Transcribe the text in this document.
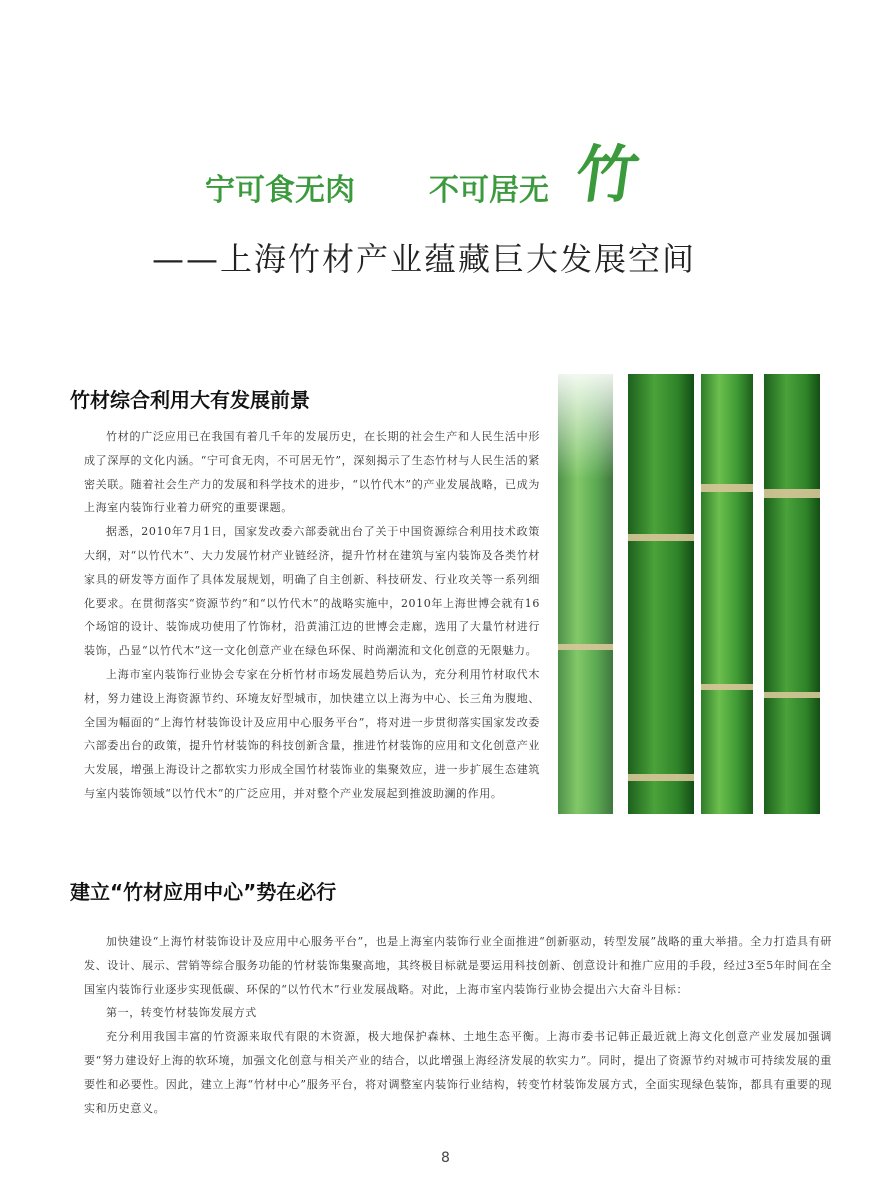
宁可食无肉 不可居无 竹
——上海竹材产业蕴藏巨大发展空间
竹材综合利用大有发展前景

竹材的广泛应用已在我国有着几千年的发展历史，在长期的社会生产和人民生活中形成了深厚的文化内涵。“宁可食无肉，不可居无竹”，深刻揭示了生态竹材与人民生活的紧密关联。随着社会生产力的发展和科学技术的进步，“以竹代木”的产业发展战略，已成为上海室内装饰行业着力研究的重要课题。

据悉，2010年7月1日，国家发改委六部委就出台了关于中国资源综合利用技术政策大纲，对“以竹代木”、大力发展竹材产业链经济，提升竹材在建筑与室内装饰及各类竹材家具的研发等方面作了具体发展规划，明确了自主创新、科技研发、行业攻关等一系列细化要求。在贯彻落实“资源节约”和“以竹代木”的战略实施中，2010年上海世博会就有16个场馆的设计、装饰成功使用了竹饰材，沿黄浦江边的世博会走廊，选用了大量竹材进行装饰，凸显“以竹代木”这一文化创意产业在绿色环保、时尚潮流和文化创意的无限魅力。

上海市室内装饰行业协会专家在分析竹材市场发展趋势后认为，充分利用竹材取代木材，努力建设上海资源节约、环境友好型城市，加快建立以上海为中心、长三角为腹地、全国为幅面的“上海竹材装饰设计及应用中心服务平台”，将对进一步贯彻落实国家发改委六部委出台的政策，提升竹材装饰的科技创新含量，推进竹材装饰的应用和文化创意产业大发展，增强上海设计之都软实力形成全国竹材装饰业的集聚效应，进一步扩展生态建筑与室内装饰领域“以竹代木”的广泛应用，并对整个产业发展起到推波助澜的作用。

建立“竹材应用中心”势在必行

加快建设“上海竹材装饰设计及应用中心服务平台”，也是上海室内装饰行业全面推进“创新驱动，转型发展”战略的重大举措。全力打造具有研发、设计、展示、营销等综合服务功能的竹材装饰集聚高地，其终极目标就是要运用科技创新、创意设计和推广应用的手段，经过3至5年时间在全国室内装饰行业逐步实现低碳、环保的“以竹代木”行业发展战略。对此，上海市室内装饰行业协会提出六大奋斗目标：

第一，转变竹材装饰发展方式

充分利用我国丰富的竹资源来取代有限的木资源，极大地保护森林、土地生态平衡。上海市委书记韩正最近就上海文化创意产业发展加强调要“努力建设好上海的软环境，加强文化创意与相关产业的结合，以此增强上海经济发展的软实力”。同时，提出了资源节约对城市可持续发展的重要性和必要性。因此，建立上海“竹材中心”服务平台，将对调整室内装饰行业结构，转变竹材装饰发展方式，全面实现绿色装饰，都具有重要的现实和历史意义。

8
